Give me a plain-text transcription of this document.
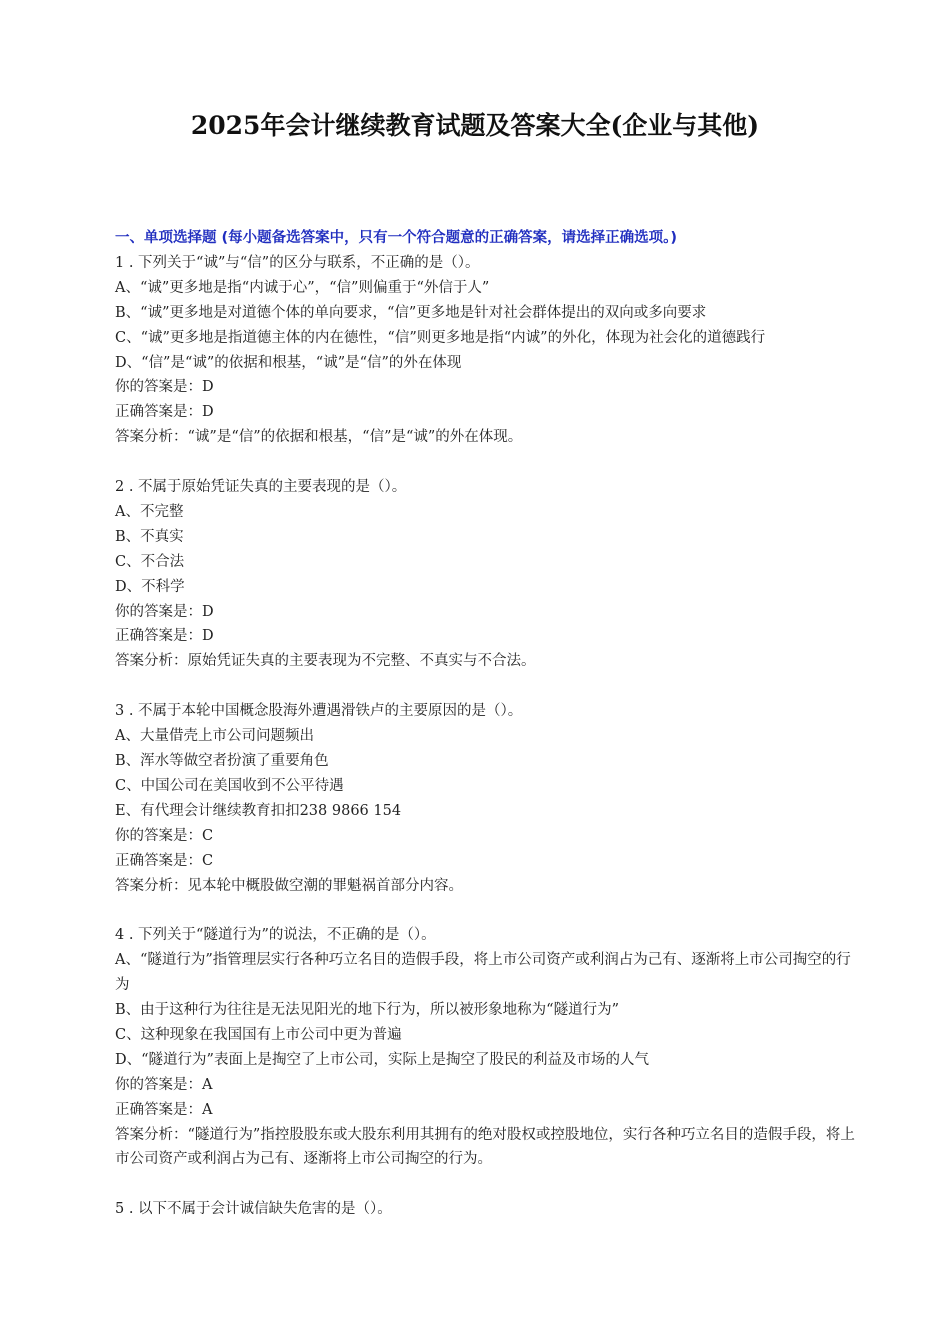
2025年会计继续教育试题及答案大全(企业与其他)
一、单项选择题 (每小题备选答案中，只有一个符合题意的正确答案，请选择正确选项。)

1 . 下列关于“诚”与“信”的区分与联系，不正确的是（）。

A、“诚”更多地是指“内诚于心”，“信”则偏重于“外信于人”

B、“诚”更多地是对道德个体的单向要求，“信”更多地是针对社会群体提出的双向或多向要求

C、“诚”更多地是指道德主体的内在德性，“信”则更多地是指“内诚”的外化，体现为社会化的道德践行

D、“信”是“诚”的依据和根基，“诚”是“信”的外在体现

你的答案是：D

正确答案是：D

答案分析：“诚”是“信”的依据和根基，“信”是“诚”的外在体现。

2 . 不属于原始凭证失真的主要表现的是（）。

A、不完整

B、不真实

C、不合法

D、不科学

你的答案是：D

正确答案是：D

答案分析：原始凭证失真的主要表现为不完整、不真实与不合法。

3 . 不属于本轮中国概念股海外遭遇滑铁卢的主要原因的是（）。

A、大量借壳上市公司问题频出

B、浑水等做空者扮演了重要角色

C、中国公司在美国收到不公平待遇

E、有代理会计继续教育扣扣238 9866 154

你的答案是：C

正确答案是：C

答案分析：见本轮中概股做空潮的罪魁祸首部分内容。

4 . 下列关于“隧道行为”的说法，不正确的是（）。

A、“隧道行为”指管理层实行各种巧立名目的造假手段，将上市公司资产或利润占为己有、逐渐将上市公司掏空的行为

B、由于这种行为往往是无法见阳光的地下行为，所以被形象地称为“隧道行为”

C、这种现象在我国国有上市公司中更为普遍

D、“隧道行为”表面上是掏空了上市公司，实际上是掏空了股民的利益及市场的人气

你的答案是：A

正确答案是：A

答案分析：“隧道行为”指控股股东或大股东利用其拥有的绝对股权或控股地位，实行各种巧立名目的造假手段，将上市公司资产或利润占为己有、逐渐将上市公司掏空的行为。

5 . 以下不属于会计诚信缺失危害的是（）。
